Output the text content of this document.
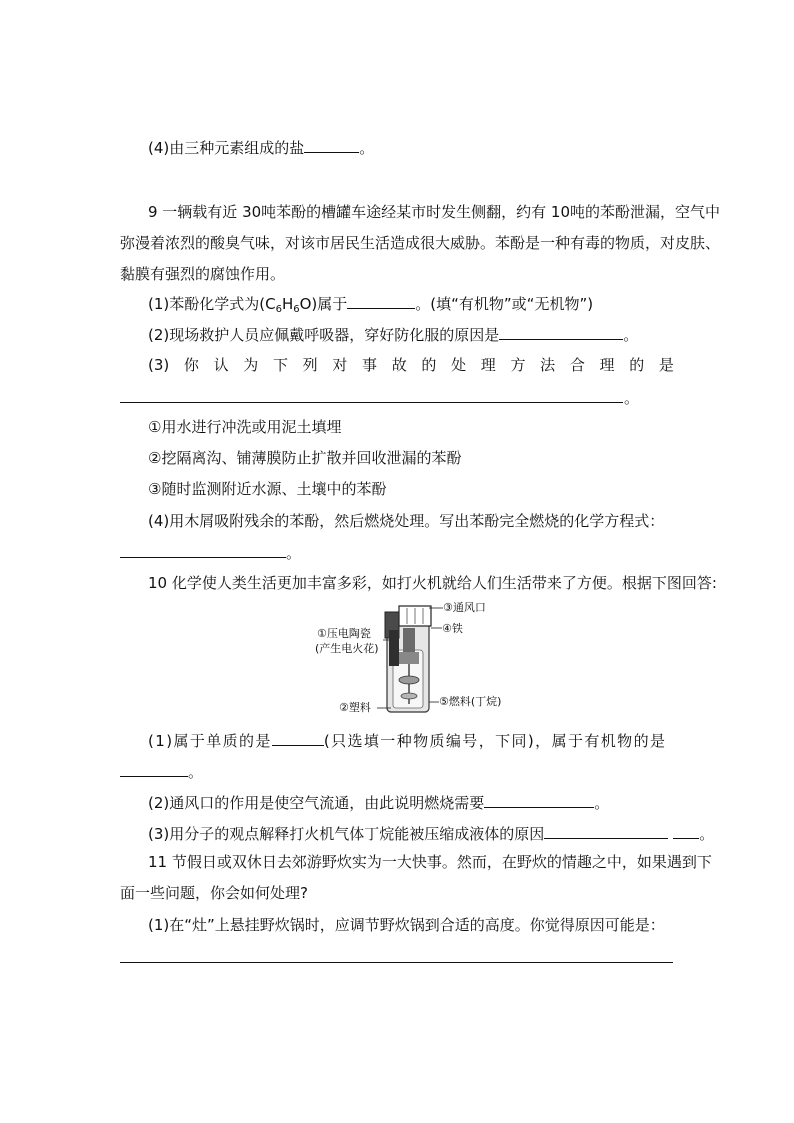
(4)由三种元素组成的盐	。
9 一辆载有近 30吨苯酚的槽罐车途经某市时发生侧翻，约有 10吨的苯酚泄漏，空气中
弥漫着浓烈的酸臭气味，对该市居民生活造成很大威胁。苯酚是一种有毒的物质，对皮肤、
黏膜有强烈的腐蚀作用。
(1)苯酚化学式为$(C_6H_6O)$属于	。(填“有机物”或“无机物”)
(2)现场救护人员应佩戴呼吸器，穿好防化服的原因是	。
(3) 你 认 为 下 列 对 事 故 的 处 理 方 法 合 理 的 是
。
①用水进行冲洗或用泥土填埋
②挖隔离沟、铺薄膜防止扩散并回收泄漏的苯酚
③随时监测附近水源、土壤中的苯酚
(4)用木屑吸附残余的苯酚，然后燃烧处理。写出苯酚完全燃烧的化学方程式：
。
10 化学使人类生活更加丰富多彩，如打火机就给人们生活带来了方便。根据下图回答:
③通风口
④铁
①压电陶瓷
(产生电火花)
②塑料	⑤燃料(丁烷)
(1)属于单质的是	(只选填一种物质编号，下同)，属于有机物的是
。
(2)通风口的作用是使空气流通，由此说明燃烧需要	。
(3)用分子的观点解释打火机气体丁烷能被压缩成液体的原因	。
11 节假日或双休日去郊游野炊实为一大快事。然而，在野炊的情趣之中，如果遇到下
面一些问题，你会如何处理?
(1)在“灶”上悬挂野炊锅时，应调节野炊锅到合适的高度。你觉得原因可能是：
